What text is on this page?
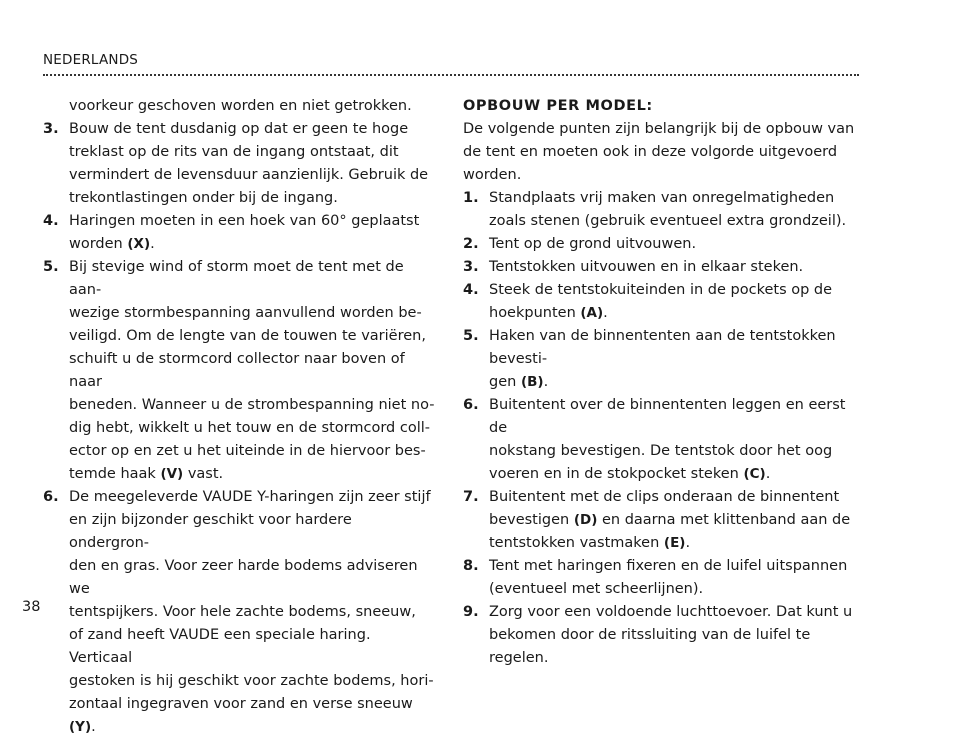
NEDERLANDS
voorkeur geschoven worden en niet getrokken.
3. Bouw de tent dusdanig op dat er geen te hoge
treklast op de rits van de ingang ontstaat, dit
vermindert de levensduur aanzienlijk. Gebruik de
trekontlastingen onder bij de ingang.
4. Haringen moeten in een hoek van 60° geplaatst
worden (X).
5. Bij stevige wind of storm moet de tent met de aan-
wezige stormbespanning aanvullend worden be-
veiligd. Om de lengte van de touwen te variëren,
schuift u de stormcord collector naar boven of naar
beneden. Wanneer u de strombespanning niet no-
dig hebt, wikkelt u het touw en de stormcord coll-
ector op en zet u het uiteinde in de hiervoor bes-
temde haak (V) vast.
6. De meegeleverde VAUDE Y-haringen zijn zeer stijf
en zijn bijzonder geschikt voor hardere ondergron-
den en gras. Voor zeer harde bodems adviseren we
tentspijkers. Voor hele zachte bodems, sneeuw,
of zand heeft VAUDE een speciale haring. Verticaal
gestoken is hij geschikt voor zachte bodems, hori-
zontaal ingegraven voor zand en verse sneeuw (Y).
OPBOUW PER MODEL:
De volgende punten zijn belangrijk bij de opbouw van
de tent en moeten ook in deze volgorde uitgevoerd
worden.
1. Standplaats vrij maken van onregelmatigheden
zoals stenen (gebruik eventueel extra grondzeil).
2. Tent op de grond uitvouwen.
3. Tentstokken uitvouwen en in elkaar steken.
4. Steek de tentstokuiteinden in de pockets op de
hoekpunten (A).
5. Haken van de binnententen aan de tentstokken bevesti-
gen (B).
6. Buitentent over de binnententen leggen en eerst de
nokstang bevestigen. De tentstok door het oog
voeren en in de stokpocket steken (C).
7. Buitentent met de clips onderaan de binnentent
bevestigen (D) en daarna met klittenband aan de
tentstokken vastmaken (E).
8. Tent met haringen fixeren en de luifel uitspannen
(eventueel met scheerlijnen).
9. Zorg voor een voldoende luchttoevoer. Dat kunt u
bekomen door de ritssluiting van de luifel te regelen.
38
